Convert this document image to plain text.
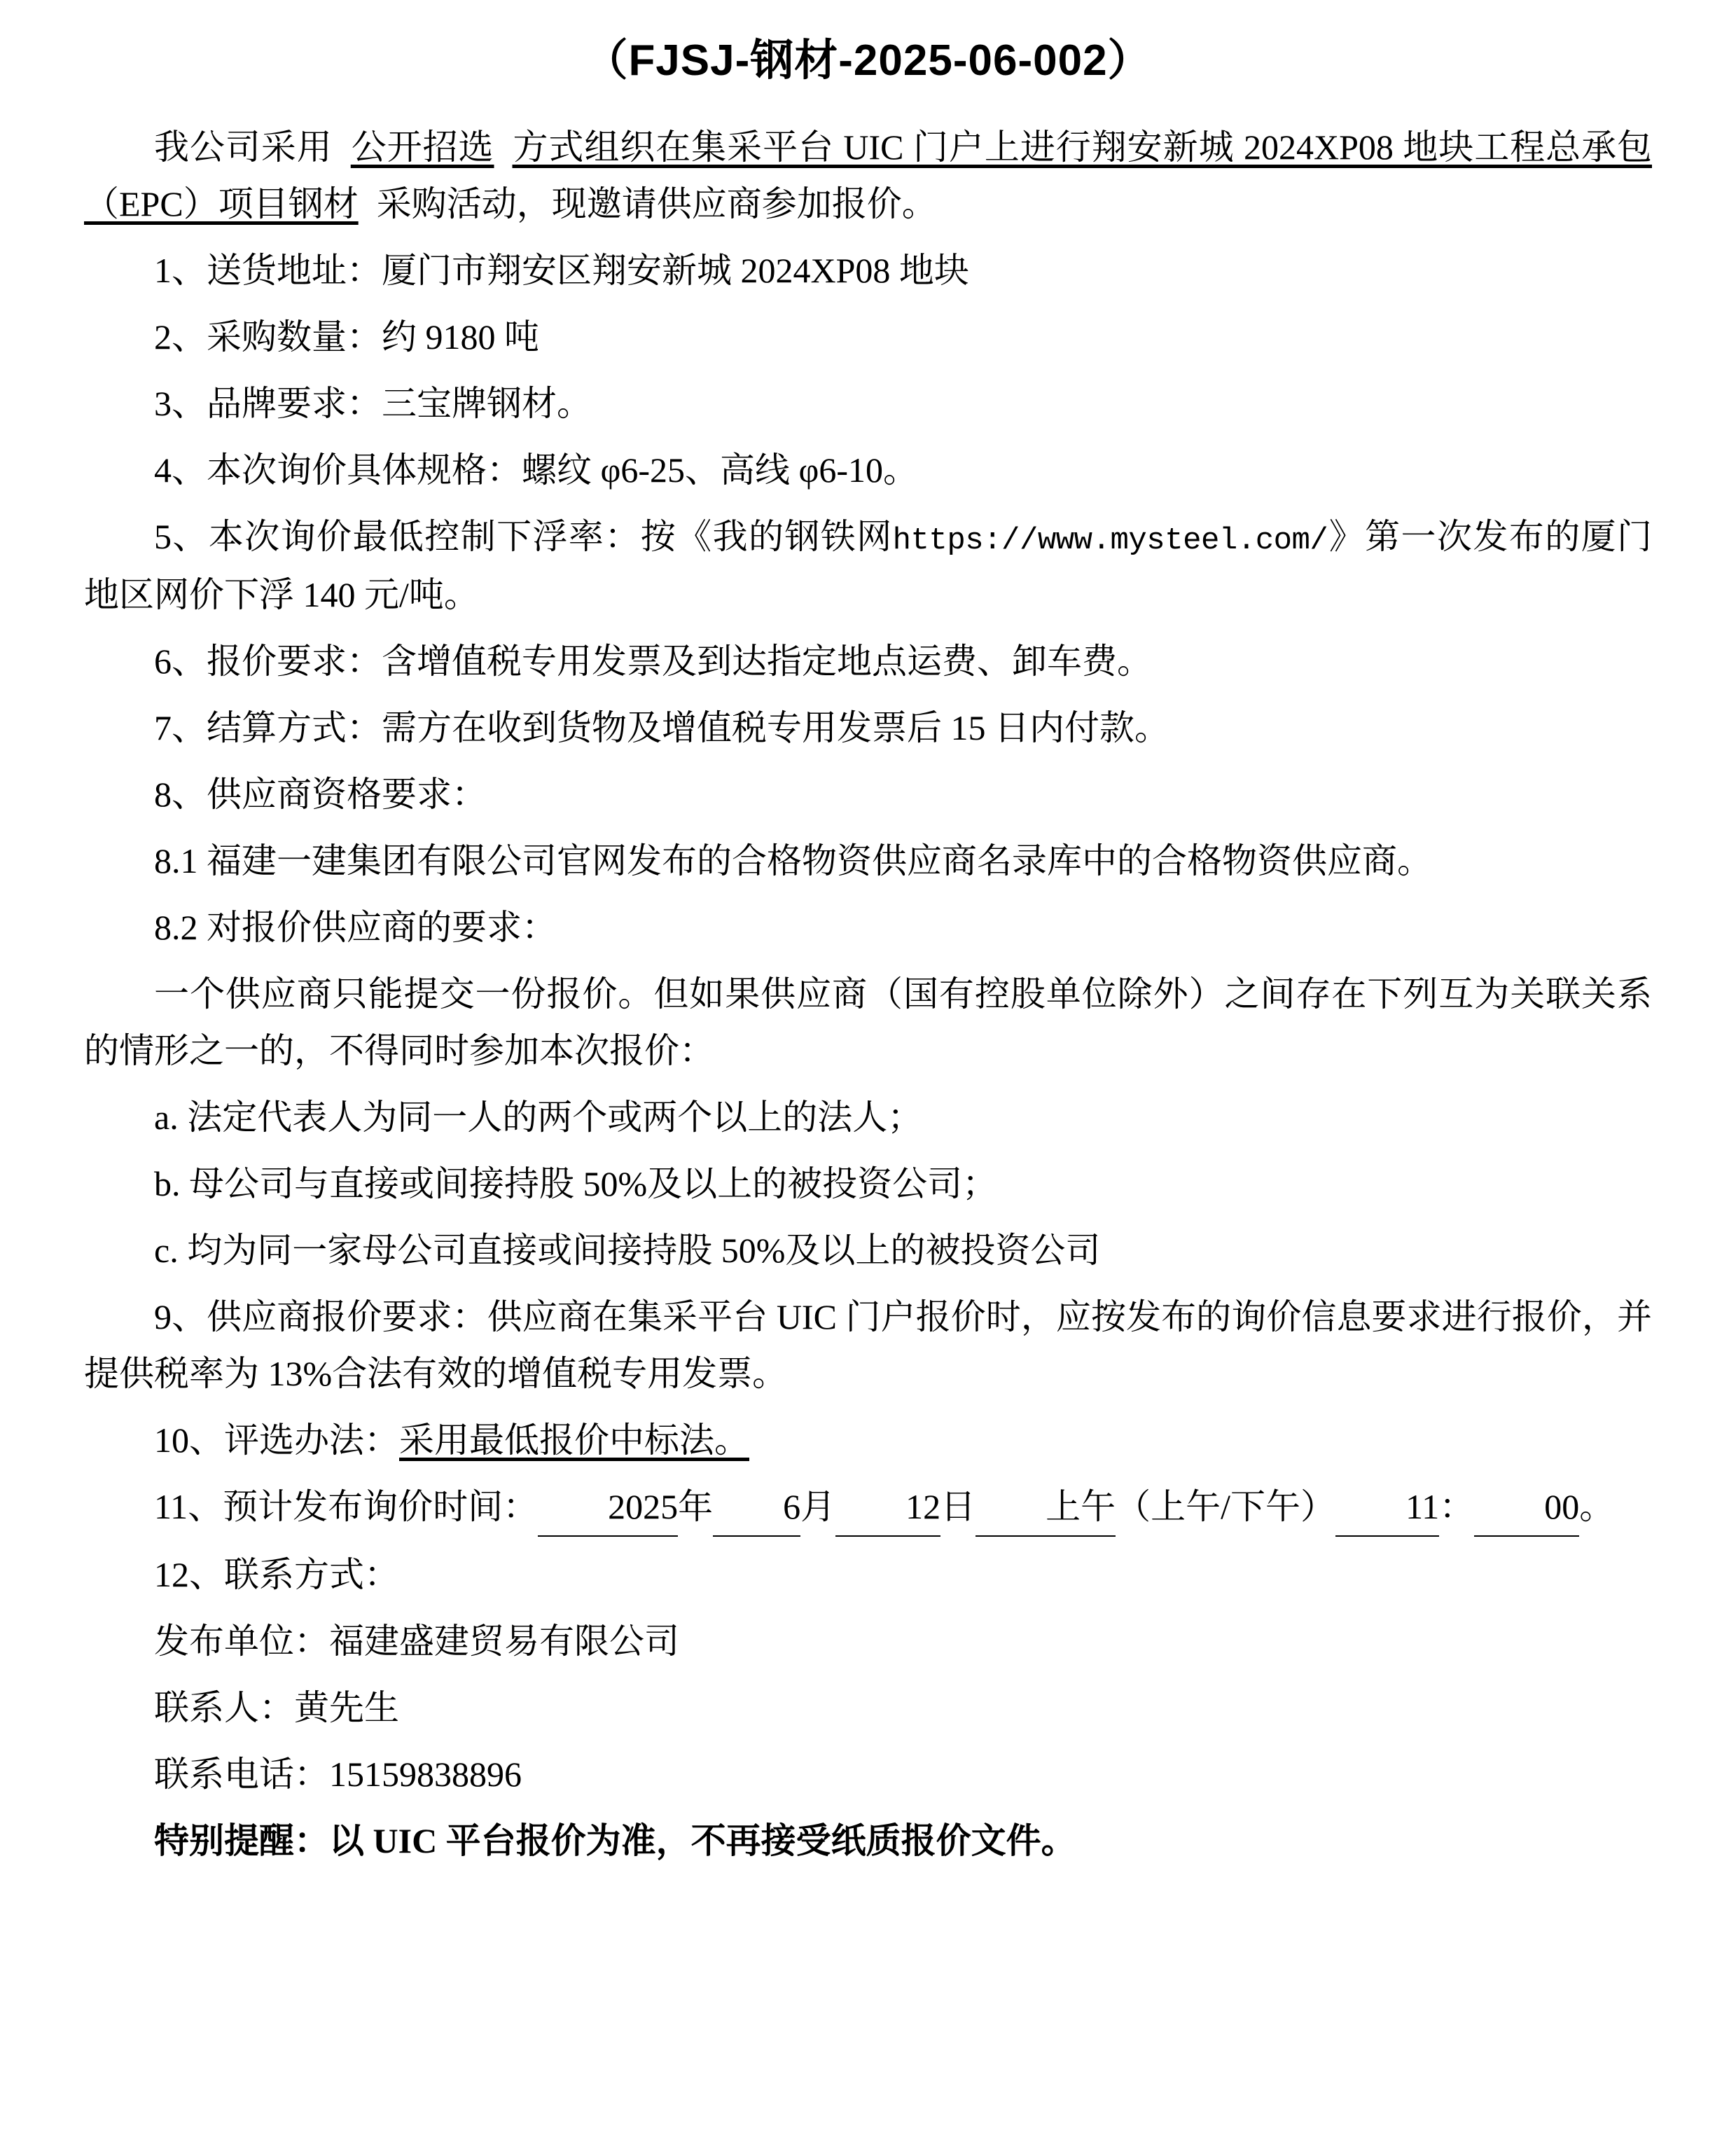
（FJSJ-钢材-2025-06-002）

我公司采用 公开招选 方式组织在集采平台 UIC 门户上进行翔安新城 2024XP08 地块工程总承包（EPC）项目钢材 采购活动，现邀请供应商参加报价。

1、送货地址：厦门市翔安区翔安新城 2024XP08 地块

2、采购数量：约 9180 吨

3、品牌要求：三宝牌钢材。

4、本次询价具体规格：螺纹 φ6-25、高线 φ6-10。

5、本次询价最低控制下浮率：按《我的钢铁网https://www.mysteel.com/》第一次发布的厦门地区网价下浮 140 元/吨。

6、报价要求：含增值税专用发票及到达指定地点运费、卸车费。

7、结算方式：需方在收到货物及增值税专用发票后 15 日内付款。

8、供应商资格要求：

8.1 福建一建集团有限公司官网发布的合格物资供应商名录库中的合格物资供应商。

8.2 对报价供应商的要求：

一个供应商只能提交一份报价。但如果供应商（国有控股单位除外）之间存在下列互为关联关系的情形之一的，不得同时参加本次报价：

a. 法定代表人为同一人的两个或两个以上的法人；

b. 母公司与直接或间接持股 50%及以上的被投资公司；

c. 均为同一家母公司直接或间接持股 50%及以上的被投资公司

9、供应商报价要求：供应商在集采平台 UIC 门户报价时，应按发布的询价信息要求进行报价，并提供税率为 13%合法有效的增值税专用发票。

10、评选办法：采用最低报价中标法。

11、预计发布询价时间： 2025年 6月 12日 上午（上午/下午） 11： 00。

12、联系方式：

发布单位：福建盛建贸易有限公司

联系人：黄先生

联系电话：15159838896

特别提醒：以 UIC 平台报价为准，不再接受纸质报价文件。
